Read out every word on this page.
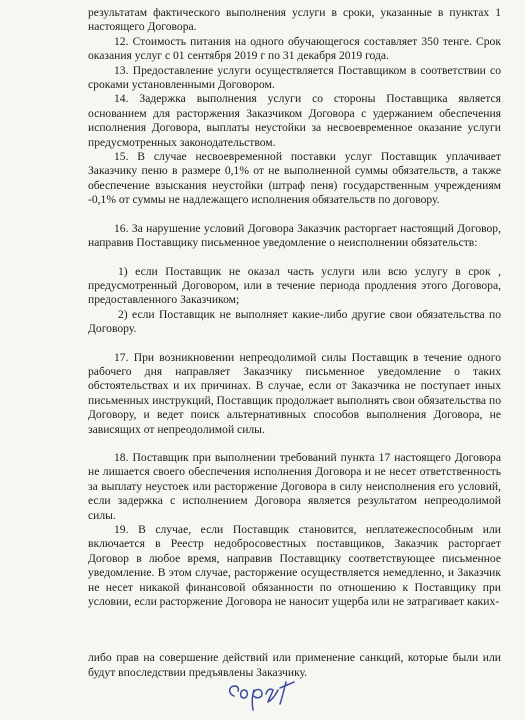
результатам фактического выполнения услуги в сроки, указанные в пунктах 1 настоящего Договора.

12. Стоимость питания на одного обучающегося составляет 350 тенге. Срок оказания услуг с 01 сентября 2019 г по 31 декабря 2019 года.

13. Предоставление услуги осуществляется Поставщиком в соответствии со сроками установленными Договором.

14. Задержка выполнения услуги со стороны Поставщика является основанием для расторжения Заказчиком Договора с удержанием обеспечения исполнения Договора, выплаты неустойки за несвоевременное оказание услуги предусмотренных законодательством.

15. В случае несвоевременной поставки услуг Поставщик уплачивает Заказчику пеню в размере 0,1% от не выполненной суммы обязательств, а также обеспечение взыскания неустойки (штраф пеня) государственным учреждениям -0,1% от суммы не надлежащего исполнения обязательств по договору.

16. За нарушение условий Договора Заказчик расторгает настоящий Договор, направив Поставщику письменное уведомление о неисполнении обязательств:

1) если Поставщик не оказал часть услуги или всю услугу в срок , предусмотренный Договором, или в течение периода продления этого Договора, предоставленного Заказчиком;

2) если Поставщик не выполняет какие-либо другие свои обязательства по Договору.

17. При возникновении непреодолимой силы Поставщик в течение одного рабочего дня направляет Заказчику письменное уведомление о таких обстоятельствах и их причинах. В случае, если от Заказчика не поступает иных письменных инструкций, Поставщик продолжает выполнять свои обязательства по Договору, и ведет поиск альтернативных способов выполнения Договора, не зависящих от непреодолимой силы.

18. Поставщик при выполнении требований пункта 17 настоящего Договора не лишается своего обеспечения исполнения Договора и не несет ответственность за выплату неустоек или расторжение Договора в силу неисполнения его условий, если задержка с исполнением Договора является результатом непреодолимой силы.

19. В случае, если Поставщик становится, неплатежеспособным или включается в Реестр недобросовестных поставщиков, Заказчик расторгает Договор в любое время, направив Поставщику соответствующее письменное уведомление. В этом случае, расторжение осуществляется немедленно, и Заказчик не несет никакой финансовой обязанности по отношению к Поставщику при условии, если расторжение Договора не наносит ущерба или не затрагивает каких-

либо прав на совершение действий или применение санкций, которые были или будут впоследствии предъявлены Заказчику.
